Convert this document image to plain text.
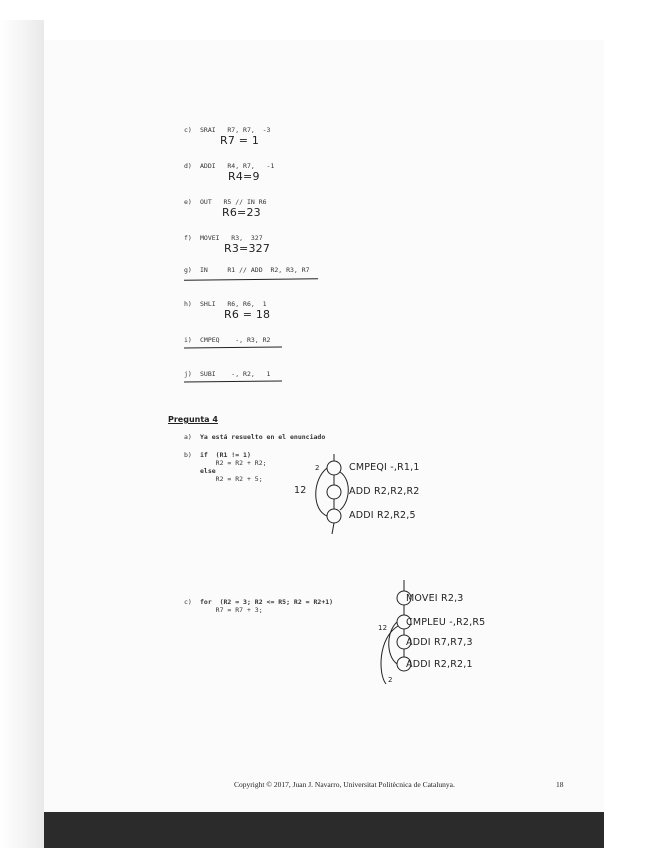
c) SRAI   R7, R7,  -3
R7 = 1
d) ADDI   R4, R7,   -1
R4=9
e) OUT   R5 // IN R6
R6=23
f) MOVEI   R3,  327
R3=327
g) IN     R1 // ADD  R2, R3, R7
h) SHLI   R6, R6,  1
R6 = 18
i) CMPEQ    -, R3, R2
j) SUBI    -, R2,   1
Pregunta 4
a) Ya está resuelto en el enunciado
b) if  (R1 != 1)
R2 = R2 + R2;
else
R2 = R2 + 5;
12
2	CMPEQI -,R1,1
ADD R2,R2,R2
ADDI R2,R2,5
c) for  (R2 = 3; R2 <= R5; R2 = R2+1)
R7 = R7 + 3;
12
2
MOVEI R2,3
CMPLEU -,R2,R5
ADDI R7,R7,3
ADDI R2,R2,1
Copyright © 2017, Juan J. Navarro, Universitat Politècnica de Catalunya.	18
